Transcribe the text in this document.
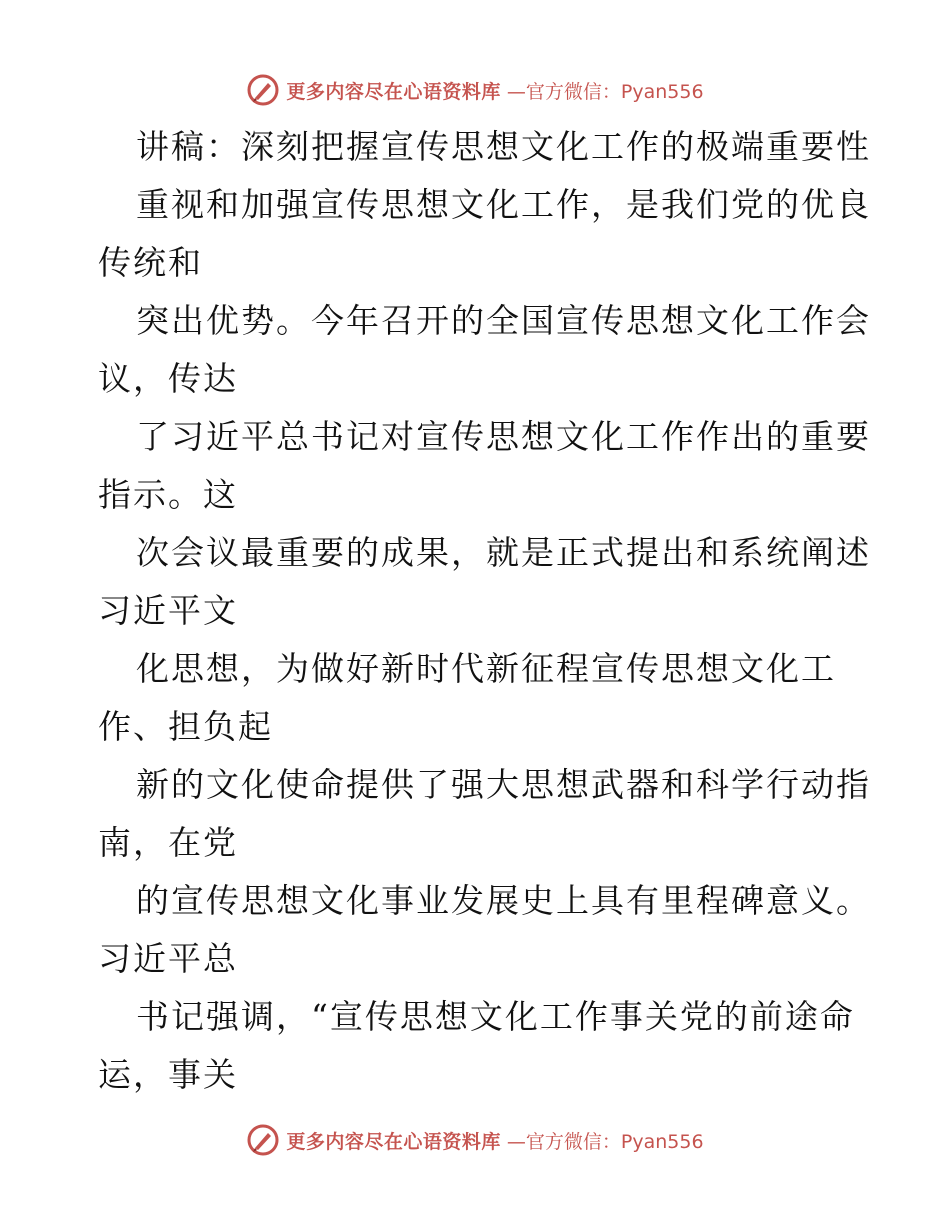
更多内容尽在心语资料库 —官方微信：Pyan556
讲稿：深刻把握宣传思想文化工作的极端重要性
重视和加强宣传思想文化工作，是我们党的优良
传统和
突出优势。今年召开的全国宣传思想文化工作会
议，传达
了习近平总书记对宣传思想文化工作作出的重要
指示。这
次会议最重要的成果，就是正式提出和系统阐述
习近平文
化思想，为做好新时代新征程宣传思想文化工
作、担负起
新的文化使命提供了强大思想武器和科学行动指
南，在党
的宣传思想文化事业发展史上具有里程碑意义。
习近平总
书记强调，“宣传思想文化工作事关党的前途命
运，事关
更多内容尽在心语资料库 —官方微信：Pyan556
